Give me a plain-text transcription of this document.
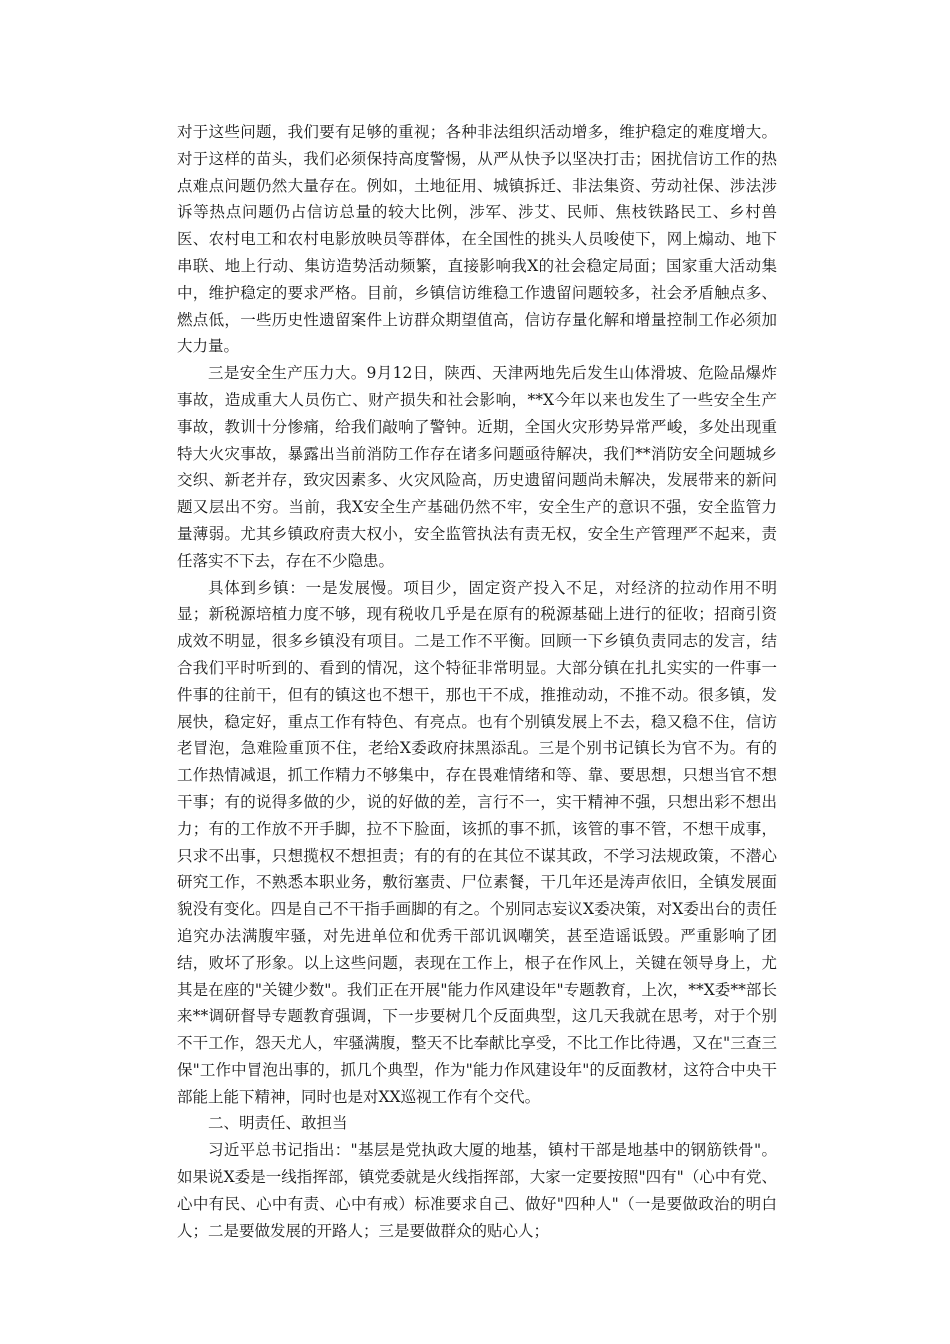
对于这些问题，我们要有足够的重视；各种非法组织活动增多，维护稳定的难度增大。对于这样的苗头，我们必须保持高度警惕，从严从快予以坚决打击；困扰信访工作的热点难点问题仍然大量存在。例如，土地征用、城镇拆迁、非法集资、劳动社保、涉法涉诉等热点问题仍占信访总量的较大比例，涉军、涉艾、民师、焦枝铁路民工、乡村兽医、农村电工和农村电影放映员等群体，在全国性的挑头人员唆使下，网上煽动、地下串联、地上行动、集访造势活动频繁，直接影响我X的社会稳定局面；国家重大活动集中，维护稳定的要求严格。目前，乡镇信访维稳工作遗留问题较多，社会矛盾触点多、燃点低，一些历史性遗留案件上访群众期望值高，信访存量化解和增量控制工作必须加大力量。

三是安全生产压力大。9月12日，陕西、天津两地先后发生山体滑坡、危险品爆炸事故，造成重大人员伤亡、财产损失和社会影响，**X今年以来也发生了一些安全生产事故，教训十分惨痛，给我们敲响了警钟。近期，全国火灾形势异常严峻，多处出现重特大火灾事故，暴露出当前消防工作存在诸多问题亟待解决，我们**消防安全问题城乡交织、新老并存，致灾因素多、火灾风险高，历史遗留问题尚未解决，发展带来的新问题又层出不穷。当前，我X安全生产基础仍然不牢，安全生产的意识不强，安全监管力量薄弱。尤其乡镇政府责大权小，安全监管执法有责无权，安全生产管理严不起来，责任落实不下去，存在不少隐患。

具体到乡镇：一是发展慢。项目少，固定资产投入不足，对经济的拉动作用不明显；新税源培植力度不够，现有税收几乎是在原有的税源基础上进行的征收；招商引资成效不明显，很多乡镇没有项目。二是工作不平衡。回顾一下乡镇负责同志的发言，结合我们平时听到的、看到的情况，这个特征非常明显。大部分镇在扎扎实实的一件事一件事的往前干，但有的镇这也不想干，那也干不成，推推动动，不推不动。很多镇，发展快，稳定好，重点工作有特色、有亮点。也有个别镇发展上不去，稳又稳不住，信访老冒泡，急难险重顶不住，老给X委政府抹黑添乱。三是个别书记镇长为官不为。有的工作热情减退，抓工作精力不够集中，存在畏难情绪和等、靠、要思想，只想当官不想干事；有的说得多做的少，说的好做的差，言行不一，实干精神不强，只想出彩不想出力；有的工作放不开手脚，拉不下脸面，该抓的事不抓，该管的事不管，不想干成事，只求不出事，只想揽权不想担责；有的有的在其位不谋其政，不学习法规政策，不潜心研究工作，不熟悉本职业务，敷衍塞责、尸位素餐，干几年还是涛声依旧，全镇发展面貌没有变化。四是自己不干指手画脚的有之。个别同志妄议X委决策，对X委出台的责任追究办法满腹牢骚，对先进单位和优秀干部讥讽嘲笑，甚至造谣诋毁。严重影响了团结，败坏了形象。以上这些问题，表现在工作上，根子在作风上，关键在领导身上，尤其是在座的"关键少数"。我们正在开展"能力作风建设年"专题教育，上次，**X委**部长来**调研督导专题教育强调，下一步要树几个反面典型，这几天我就在思考，对于个别不干工作，怨天尤人，牢骚满腹，整天不比奉献比享受，不比工作比待遇，又在"三查三保"工作中冒泡出事的，抓几个典型，作为"能力作风建设年"的反面教材，这符合中央干部能上能下精神，同时也是对XX巡视工作有个交代。

二、明责任、敢担当

习近平总书记指出："基层是党执政大厦的地基，镇村干部是地基中的钢筋铁骨"。如果说X委是一线指挥部，镇党委就是火线指挥部，大家一定要按照"四有"（心中有党、心中有民、心中有责、心中有戒）标准要求自己、做好"四种人"（一是要做政治的明白人；二是要做发展的开路人；三是要做群众的贴心人；
